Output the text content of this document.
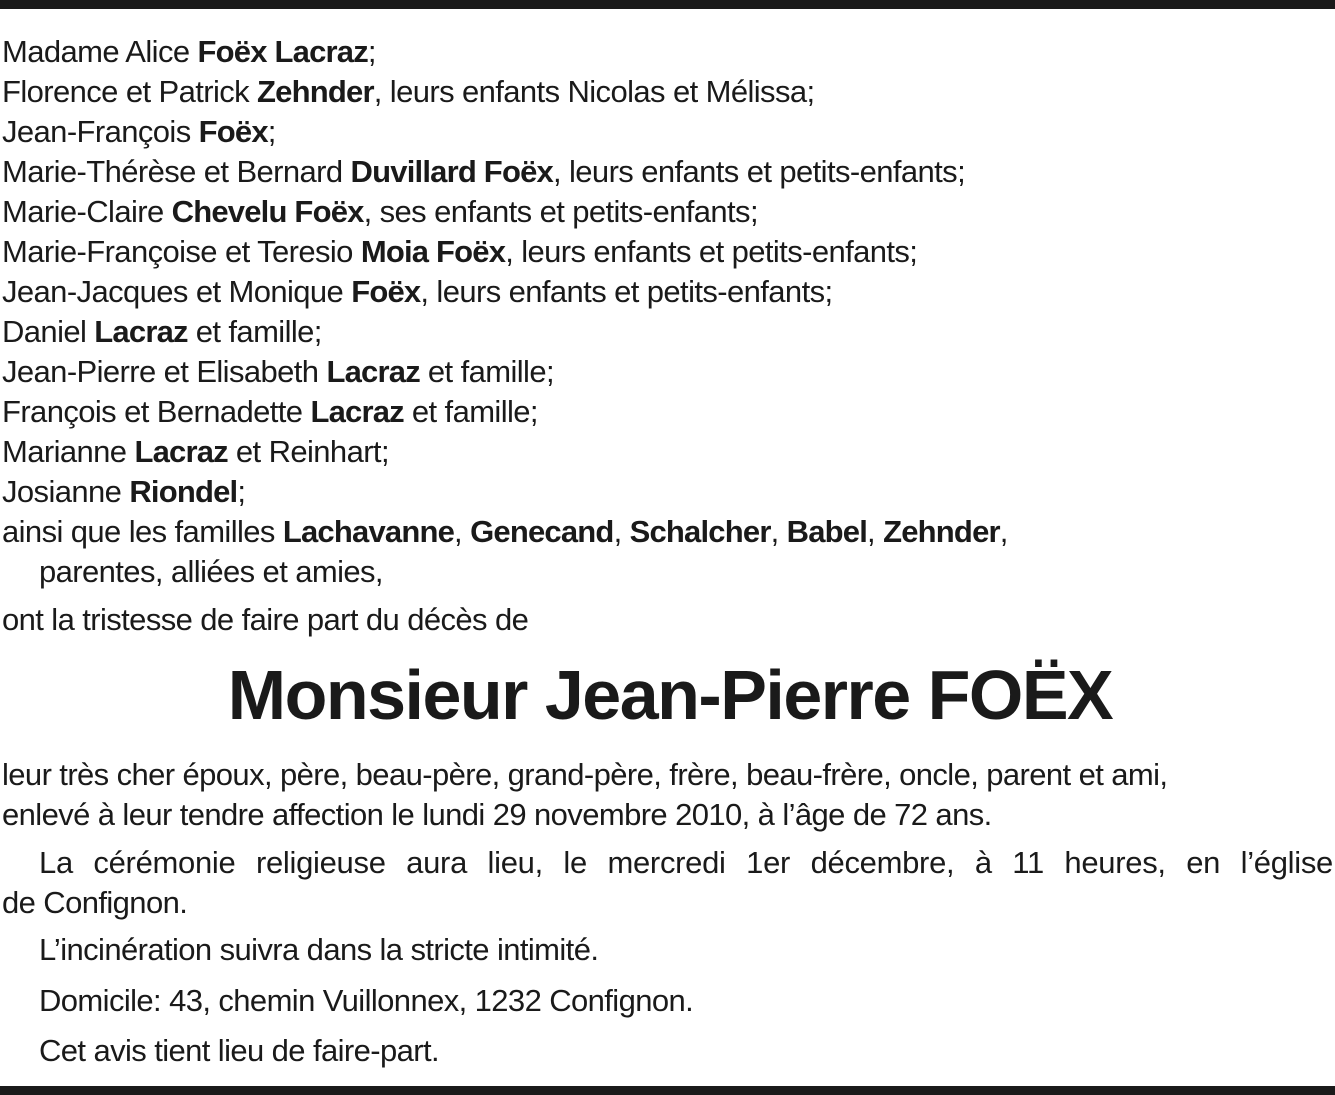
Madame Alice Foëx Lacraz;
Florence et Patrick Zehnder, leurs enfants Nicolas et Mélissa;
Jean-François Foëx;
Marie-Thérèse et Bernard Duvillard Foëx, leurs enfants et petits-enfants;
Marie-Claire Chevelu Foëx, ses enfants et petits-enfants;
Marie-Françoise et Teresio Moia Foëx, leurs enfants et petits-enfants;
Jean-Jacques et Monique Foëx, leurs enfants et petits-enfants;
Daniel Lacraz et famille;
Jean-Pierre et Elisabeth Lacraz et famille;
François et Bernadette Lacraz et famille;
Marianne Lacraz et Reinhart;
Josianne Riondel;
ainsi que les familles Lachavanne, Genecand, Schalcher, Babel, Zehnder,
parentes, alliées et amies,

ont la tristesse de faire part du décès de

Monsieur Jean-Pierre FOËX

leur très cher époux, père, beau-père, grand-père, frère, beau-frère, oncle, parent et ami,
enlevé à leur tendre affection le lundi 29 novembre 2010, à l’âge de 72 ans.

La cérémonie religieuse aura lieu, le mercredi 1er décembre, à 11 heures, en l’église
de Confignon.

L’incinération suivra dans la stricte intimité.

Domicile: 43, chemin Vuillonnex, 1232 Confignon.

Cet avis tient lieu de faire-part.
